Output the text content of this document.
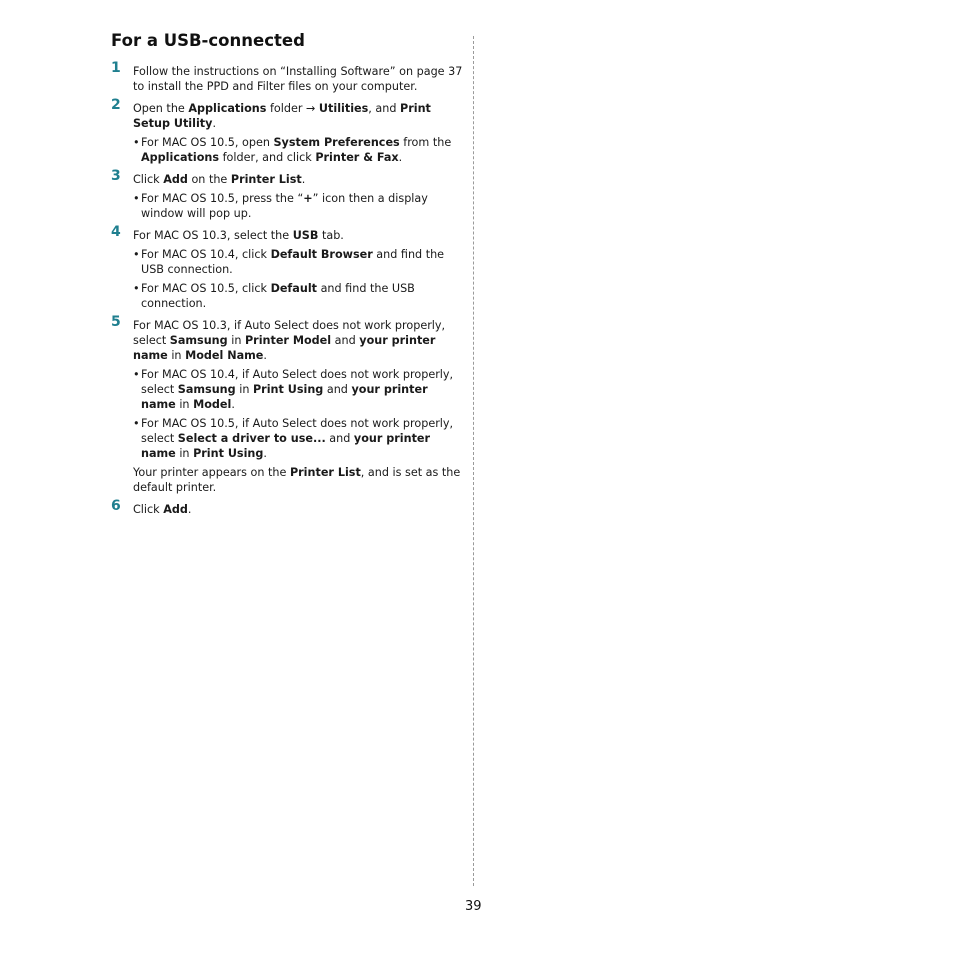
For a USB-connected
1 Follow the instructions on “Installing Software” on page 37 to install the PPD and Filter files on your computer.
2 Open the Applications folder → Utilities, and Print Setup Utility.
• For MAC OS 10.5, open System Preferences from the Applications folder, and click Printer & Fax.
3 Click Add on the Printer List.
• For MAC OS 10.5, press the “+” icon then a display window will pop up.
4 For MAC OS 10.3, select the USB tab.
• For MAC OS 10.4, click Default Browser and find the USB connection.
• For MAC OS 10.5, click Default and find the USB connection.
5 For MAC OS 10.3, if Auto Select does not work properly, select Samsung in Printer Model and your printer name in Model Name.
• For MAC OS 10.4, if Auto Select does not work properly, select Samsung in Print Using and your printer name in Model.
• For MAC OS 10.5, if Auto Select does not work properly, select Select a driver to use... and your printer name in Print Using.
Your printer appears on the Printer List, and is set as the default printer.
6 Click Add.
39
